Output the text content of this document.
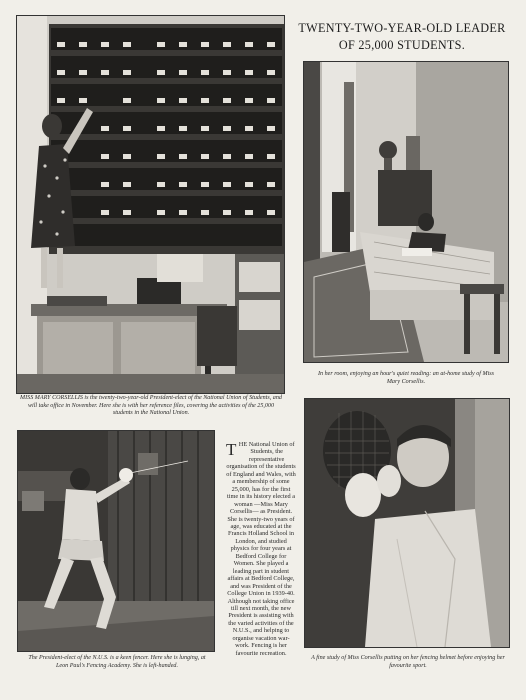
MISS MARY CORSELLIS is the twenty-two-year-old President-elect of the National Union of Students, and will take office in November. Here she is with her reference files, covering the activities of the 25,000 students in the National Union.
TWENTY-TWO-YEAR-OLD LEADER
OF 25,000 STUDENTS.
In her room, enjoying an hour's quiet reading: an at-home study of Miss Mary Corsellis.
The President-elect of the N.U.S. is a keen fencer. Here she is lunging, at Leon Paul's Fencing Academy. She is left-handed.
THE National Union of Students, the representative organisation of the students of England and Wales, with a membership of some 25,000, has for the first time in its history elected a woman —Miss Mary Corsellis— as President. She is twenty-two years of age, was educated at the Francis Holland School in London, and studied physics for four years at Bedford College for Women. She played a leading part in student affairs at Bedford College, and was President of the College Union in 1939-40. Although not taking office till next month, the new President is assisting with the varied activities of the N.U.S., and helping to organise vacation war-work. Fencing is her favourite recreation.
A fine study of Miss Corsellis putting on her fencing helmet before enjoying her favourite sport.
